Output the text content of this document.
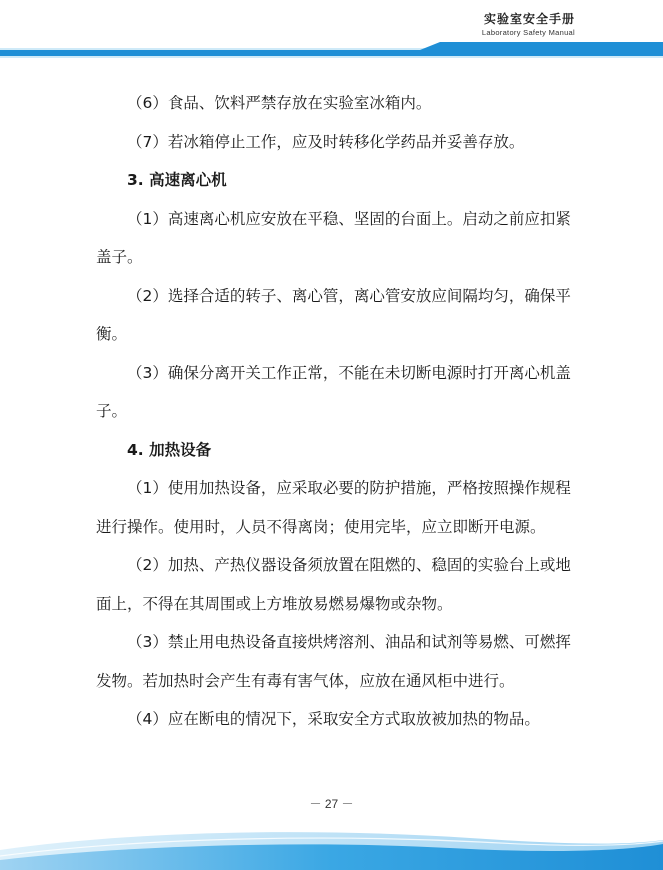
实验室安全手册
Laboratory Safety Manual

（6）食品、饮料严禁存放在实验室冰箱内。

（7）若冰箱停止工作，应及时转移化学药品并妥善存放。

3. 高速离心机

（1）高速离心机应安放在平稳、坚固的台面上。启动之前应扣紧盖子。

（2）选择合适的转子、离心管，离心管安放应间隔均匀，确保平衡。

（3）确保分离开关工作正常，不能在未切断电源时打开离心机盖子。

4. 加热设备

（1）使用加热设备，应采取必要的防护措施，严格按照操作规程进行操作。使用时，人员不得离岗；使用完毕，应立即断开电源。

（2）加热、产热仪器设备须放置在阻燃的、稳固的实验台上或地面上，不得在其周围或上方堆放易燃易爆物或杂物。

（3）禁止用电热设备直接烘烤溶剂、油品和试剂等易燃、可燃挥发物。若加热时会产生有毒有害气体，应放在通风柜中进行。

（4）应在断电的情况下，采取安全方式取放被加热的物品。

－ 27 －
